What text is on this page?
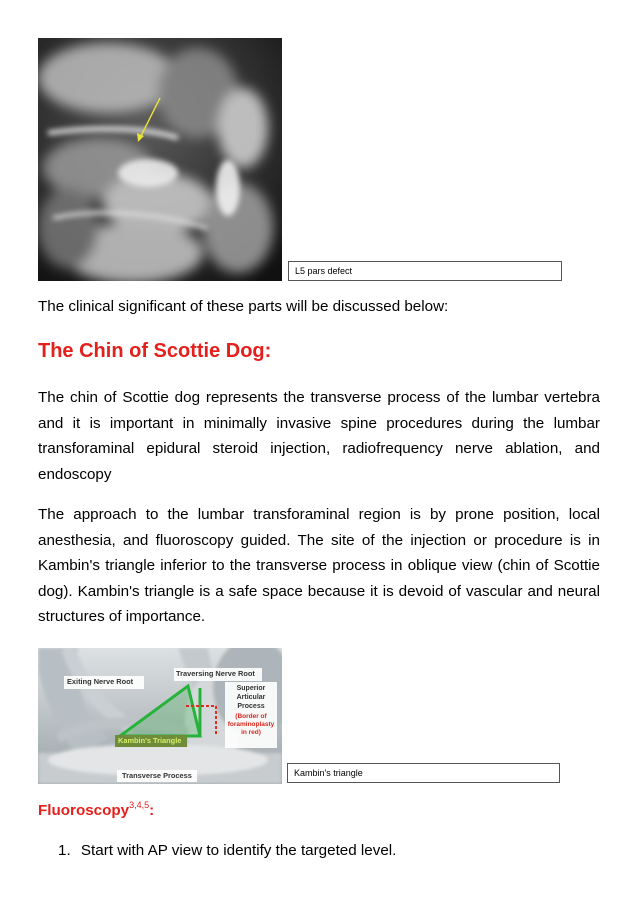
L5 pars defect
The clinical significant of these parts will be discussed below:
The Chin of Scottie Dog:
The chin of Scottie dog represents the transverse process of the lumbar vertebra and it is important in minimally invasive spine procedures during the lumbar transforaminal epidural steroid injection, radiofrequency nerve ablation, and endoscopy
The approach to the lumbar transforaminal region is by prone position, local anesthesia, and fluoroscopy guided. The site of the injection or procedure is in Kambin's triangle inferior to the transverse process in oblique view (chin of Scottie dog). Kambin's triangle is a safe space because it is devoid of vascular and neural structures of importance.
Traversing Nerve Root
Exiting Nerve Root
Superior Articular Process
(Border of foraminoplasty in red)
Kambin's Triangle
Transverse Process	Kambin's triangle
Fluoroscopy$^{3,4,5}$:
1. Start with AP view to identify the targeted level.
